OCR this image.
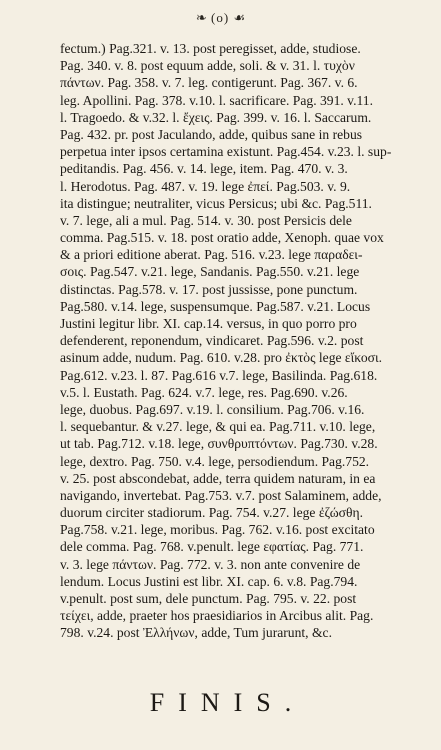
❧ (o) ☙
fectum.) Pag.321. v. 13. post peregisset, adde, studiose.
Pag. 340. v. 8. post equum adde, soli. & v. 31. l. τυχὸν
πάντων. Pag. 358. v. 7. leg. contigerunt. Pag. 367. v. 6.
leg. Apollini. Pag. 378. v.10. l. sacrificare. Pag. 391. v.11.
l. Tragoedo. & v.32. l. ἔχεις. Pag. 399. v. 16. l. Saccarum.
Pag. 432. pr. post Jaculando, adde, quibus sane in rebus
perpetua inter ipsos certamina existunt. Pag.454. v.23. l. sup-
peditandis. Pag. 456. v. 14. lege, item. Pag. 470. v. 3.
l. Herodotus. Pag. 487. v. 19. lege ἐπεί. Pag.503. v. 9.
ita distingue; neutraliter, vicus Persicus; ubi &c. Pag.511.
v. 7. lege, ali a mul. Pag. 514. v. 30. post Persicis dele
comma. Pag.515. v. 18. post oratio adde, Xenoph. quae vox
& a priori editione aberat. Pag. 516. v.23. lege παραδει-
σοις. Pag.547. v.21. lege, Sandanis. Pag.550. v.21. lege
distinctas. Pag.578. v. 17. post jussisse, pone punctum.
Pag.580. v.14. lege, suspensumque. Pag.587. v.21. Locus
Justini legitur libr. XI. cap.14. versus, in quo porro pro
defenderent, reponendum, vindicaret. Pag.596. v.2. post
asinum adde, nudum. Pag. 610. v.28. pro ἐκτὸς lege εἴκοσι.
Pag.612. v.23. l. 87. Pag.616 v.7. lege, Basilinda. Pag.618.
v.5. l. Eustath. Pag. 624. v.7. lege, res. Pag.690. v.26.
lege, duobus. Pag.697. v.19. l. consilium. Pag.706. v.16.
l. sequebantur. & v.27. lege, & qui ea. Pag.711. v.10. lege,
ut tab. Pag.712. v.18. lege, συνθρυπτόντων. Pag.730. v.28.
lege, dextro. Pag. 750. v.4. lege, persodiendum. Pag.752.
v. 25. post abscondebat, adde, terra quidem naturam, in ea
navigando, invertebat. Pag.753. v.7. post Salaminem, adde,
duorum circiter stadiorum. Pag. 754. v.27. lege ἐζώσθη.
Pag.758. v.21. lege, moribus. Pag. 762. v.16. post excitato
dele comma. Pag. 768. v.penult. lege εφατίας. Pag. 771.
v. 3. lege πάντων. Pag. 772. v. 3. non ante convenire de
lendum. Locus Justini est libr. XI. cap. 6. v.8. Pag.794.
v.penult. post sum, dele punctum. Pag. 795. v. 22. post
τείχει, adde, praeter hos praesidiarios in Arcibus alit. Pag.
798. v.24. post Ἐλλήνων, adde, Tum jurarunt, &c.
FINIS.
